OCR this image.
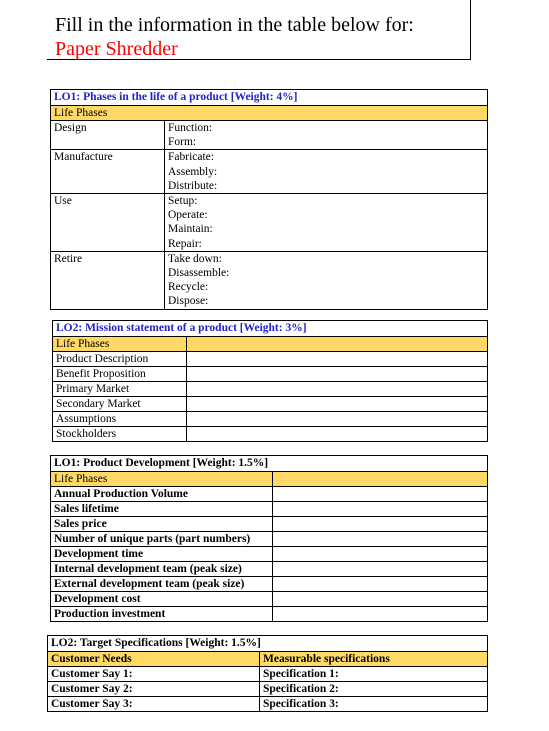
Fill in the information in the table below for:
Paper Shredder
LO1: Phases in the life of a product [Weight: 4%]	
Life Phases	
Design	Function:
Form:

Manufacture	Fabricate:
Assembly:
Distribute:

Use	Setup:
Operate:
Maintain:
Repair:

Retire	Take down:
Disassemble:
Recycle:
Dispose:
LO2: Mission statement of a product [Weight: 3%]	
Life Phases	
Product Description	
Benefit Proposition	
Primary Market	
Secondary Market	
Assumptions	
Stockholders	
LO1: Product Development [Weight: 1.5%]	
Life Phases	
Annual Production Volume	
Sales lifetime	
Sales price	
Number of unique parts (part numbers)	
Development time	
Internal development team (peak size)	
External development team (peak size)	
Development cost	
Production investment	
LO2: Target Specifications [Weight: 1.5%]	
Customer Needs	Measurable specifications
Customer Say 1:	Specification 1:
Customer Say 2:	Specification 2:
Customer Say 3:	Specification 3:
